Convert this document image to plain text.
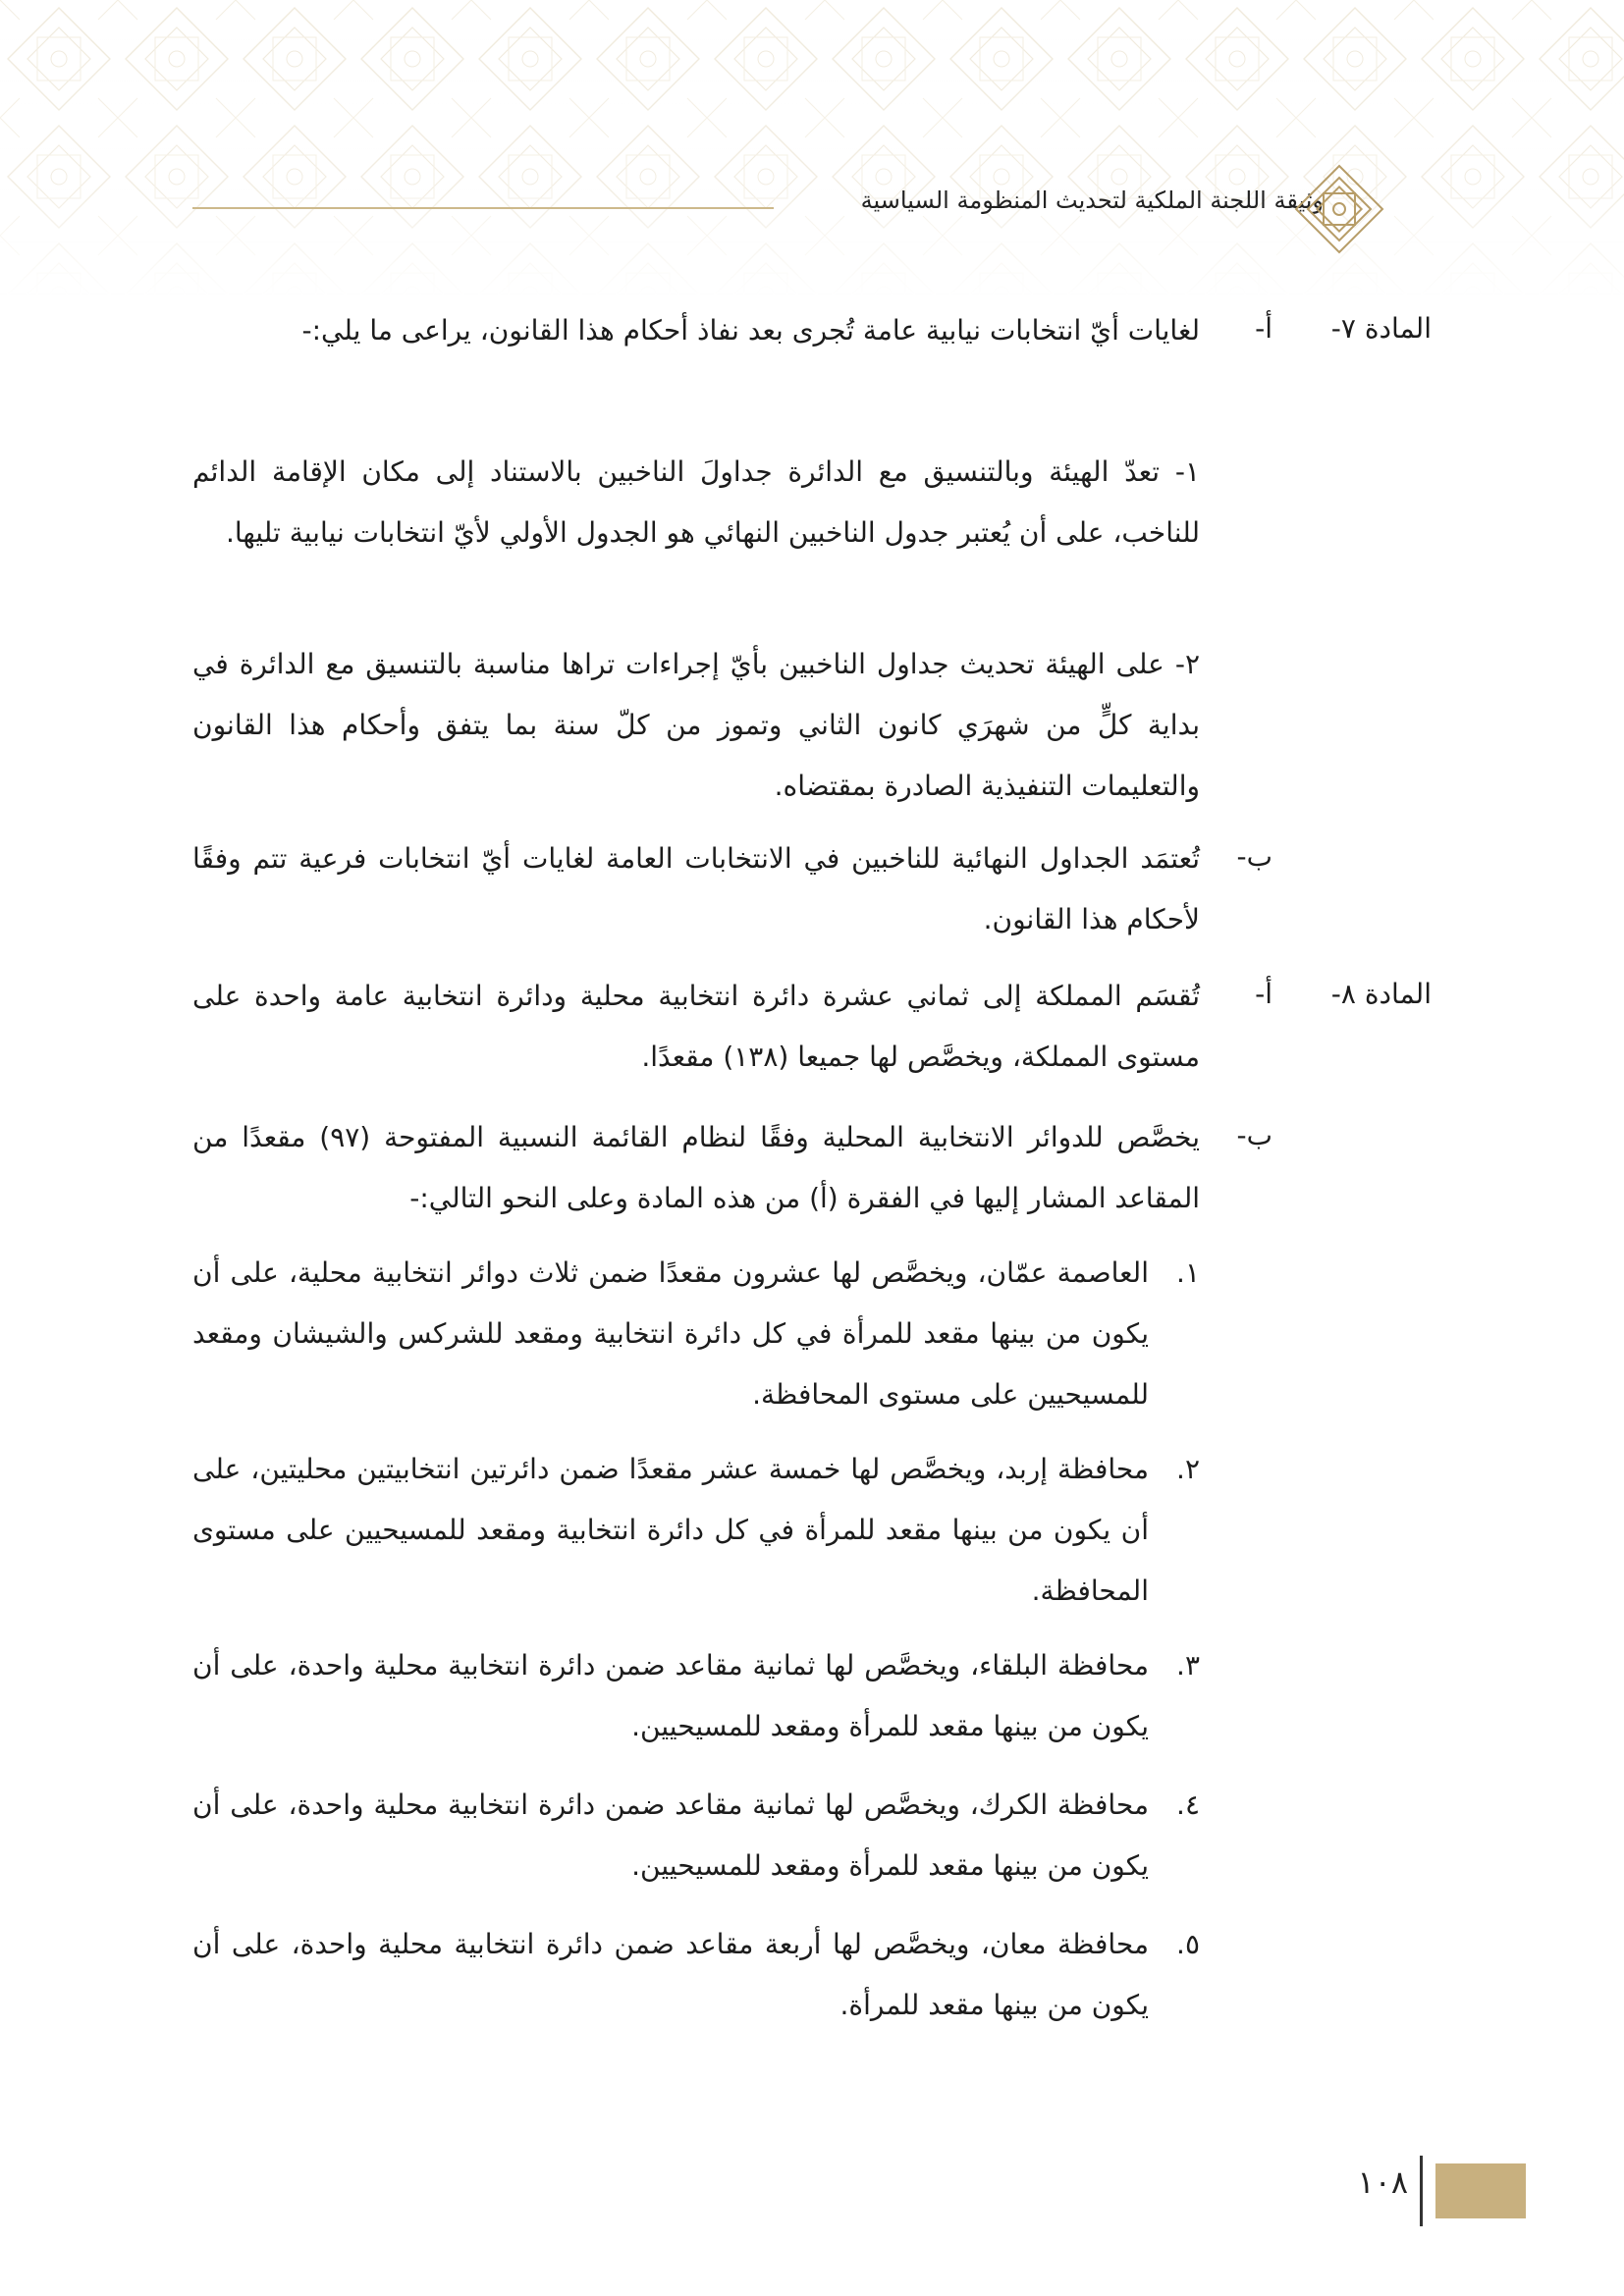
وثيقة اللجنة الملكية لتحديث المنظومة السياسية
المادة ٧-
أ-
لغايات أيّ انتخابات نيابية عامة تُجرى بعد نفاذ أحكام هذا القانون، يراعى ما يلي:-
١- تعدّ الهيئة وبالتنسيق مع الدائرة جداولَ الناخبين بالاستناد إلى مكان الإقامة الدائم للناخب، على أن يُعتبر جدول الناخبين النهائي هو الجدول الأولي لأيّ انتخابات نيابية تليها.
٢- على الهيئة تحديث جداول الناخبين بأيّ إجراءات تراها مناسبة بالتنسيق مع الدائرة في بداية كلٍّ من شهرَي كانون الثاني وتموز من كلّ سنة بما يتفق وأحكام هذا القانون والتعليمات التنفيذية الصادرة بمقتضاه.
ب-
تُعتمَد الجداول النهائية للناخبين في الانتخابات العامة لغايات أيّ انتخابات فرعية تتم وفقًا لأحكام هذا القانون.
المادة ٨-
أ-
تُقسَم المملكة إلى ثماني عشرة دائرة انتخابية محلية ودائرة انتخابية عامة واحدة على مستوى المملكة، ويخصَّص لها جميعا (١٣٨) مقعدًا.
ب-
يخصَّص للدوائر الانتخابية المحلية وفقًا لنظام القائمة النسبية المفتوحة (٩٧) مقعدًا من المقاعد المشار إليها في الفقرة (أ) من هذه المادة وعلى النحو التالي:-
١.
العاصمة عمّان، ويخصَّص لها عشرون مقعدًا ضمن ثلاث دوائر انتخابية محلية، على أن يكون من بينها مقعد للمرأة في كل دائرة انتخابية ومقعد للشركس والشيشان ومقعد للمسيحيين على مستوى المحافظة.
٢.
محافظة إربد، ويخصَّص لها خمسة عشر مقعدًا ضمن دائرتين انتخابيتين محليتين، على أن يكون من بينها مقعد للمرأة في كل دائرة انتخابية ومقعد للمسيحيين على مستوى المحافظة.
٣.
محافظة البلقاء، ويخصَّص لها ثمانية مقاعد ضمن دائرة انتخابية محلية واحدة، على أن يكون من بينها مقعد للمرأة ومقعد للمسيحيين.
٤.
محافظة الكرك، ويخصَّص لها ثمانية مقاعد ضمن دائرة انتخابية محلية واحدة، على أن يكون من بينها مقعد للمرأة ومقعد للمسيحيين.
٥.
محافظة معان، ويخصَّص لها أربعة مقاعد ضمن دائرة انتخابية محلية واحدة، على أن يكون من بينها مقعد للمرأة.
١٠٨
